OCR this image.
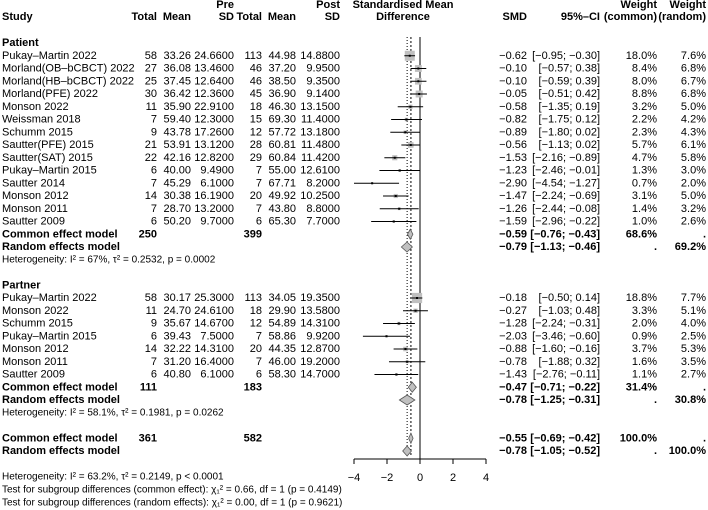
Pre	Post
Study	Total Mean	SD Total Mean	SD
Standardised Mean
Difference	SMD	95%–CI
Weight
(common)
Weight
(random)
Patient
Pukay–Martin 2022	58 33.26 24.6600 113 44.98 14.8800	−0.62 [−0.95; −0.30] 18.0% 7.6%
Morland(OB–bCBCT) 2022 27 36.08 13.4600 46 37.20 9.9500	−0.10 [−0.57; 0.38]	8.4% 6.8%
Morland(HB–bCBCT) 2022 25 37.45 12.6400 46 38.50 9.3500	−0.10 [−0.59; 0.39]	8.0% 6.7%
Morland(PFE) 2022	30 36.42 12.3600 45 36.90 9.1400	−0.05 [−0.51; 0.42]	8.8% 6.8%
Monson 2022	11 35.90 22.9100 18 46.30 13.1500	−0.58 [−1.35; 0.19]	3.2% 5.0%
Weissman 2018	7 59.40 12.3000 15 69.30 11.4000	−0.82 [−1.75; 0.12]	2.2% 4.2%
Schumm 2015	9 43.78 17.2600 12 57.72 13.1800	−0.89 [−1.80; 0.02]	2.3% 4.3%
Sautter(PFE) 2015	21 53.91 13.1200 28 60.81 11.4800	−0.56 [−1.13; 0.02]	5.7% 6.1%
Sautter(SAT) 2015	22 42.16 12.8200 29 60.84 11.4200	−1.53 [−2.16; −0.89]	4.7% 5.8%
Pukay–Martin 2015	6 40.00 9.4900 7 55.00 12.6100	−1.23 [−2.46; −0.01]	1.3% 3.0%
Sautter 2014	7 45.29 6.1000 7 67.71 8.2000	−2.90 [−4.54; −1.27]	0.7% 2.0%
Monson 2012	14 30.38 16.1900 20 49.92 10.2500	−1.47 [−2.24; −0.69]	3.1% 5.0%
Monson 2011	7 28.70 13.2000 7 43.80 8.8000	−1.26 [−2.44; −0.08]	1.4% 3.2%
Sautter 2009	6 50.20 9.7000 6 65.30 7.7000	−1.59 [−2.96; −0.22]	1.0% 2.6%
Common effect model 250	399	−0.59 [−0.76; −0.43] 68.6%	.
Random effects model	−0.79 [−1.13; −0.46]	. 69.2%
Heterogeneity: I² = 67%, τ² = 0.2532, p = 0.0002
Partner
Pukay–Martin 2022	58 30.17 25.3000 113 34.05 19.3500	−0.18 [−0.50; 0.14] 18.8% 7.7%
Monson 2022	11 24.70 24.6100 18 29.90 13.5800	−0.27 [−1.03; 0.48]	3.3% 5.1%
Schumm 2015	9 35.67 14.6700 12 54.89 14.3100	−1.28 [−2.24; −0.31]	2.0% 4.0%
Pukay–Martin 2015	6 39.43 7.5000 7 58.86 9.9200	−2.03 [−3.46; −0.60]	0.9% 2.5%
Monson 2012	14 32.22 14.3100 20 44.35 12.8700	−0.88 [−1.60; −0.16]	3.7% 5.3%
Monson 2011	7 31.20 16.4000 7 46.00 19.2000	−0.78 [−1.88; 0.32]	1.6% 3.5%
Sautter 2009	6 40.80 6.1000 6 58.30 14.7000	−1.43 [−2.76; −0.11]	1.1% 2.7%
Common effect model 111	183	−0.47 [−0.71; −0.22] 31.4%	.
Random effects model	−0.78 [−1.25; −0.31]	. 30.8%
Heterogeneity: I² = 58.1%, τ² = 0.1981, p = 0.0262
Common effect model 361	582	−0.55 [−0.69; −0.42] 100.0%	.
Random effects model	−0.78 [−1.05; −0.52]	. 100.0%
Heterogeneity: I² = 63.2%, τ² = 0.2149, p < 0.0001
Test for subgroup differences (common effect): χ₁² = 0.66, df = 1 (p = 0.4149)
Test for subgroup differences (random effects): χ₁² = 0.00, df = 1 (p = 0.9621)
−4 −2 0 2 4
